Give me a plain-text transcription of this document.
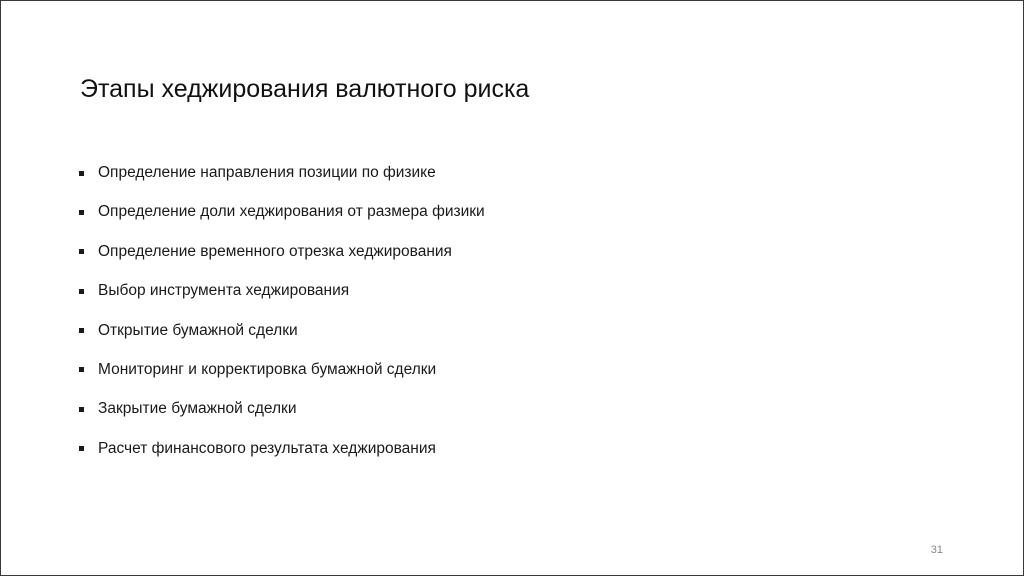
Этапы хеджирования валютного риска
Определение направления позиции по физике
Определение доли хеджирования от размера физики
Определение временного отрезка хеджирования
Выбор инструмента хеджирования
Открытие бумажной сделки
Мониторинг и корректировка бумажной сделки
Закрытие бумажной сделки
Расчет финансового результата хеджирования
31
